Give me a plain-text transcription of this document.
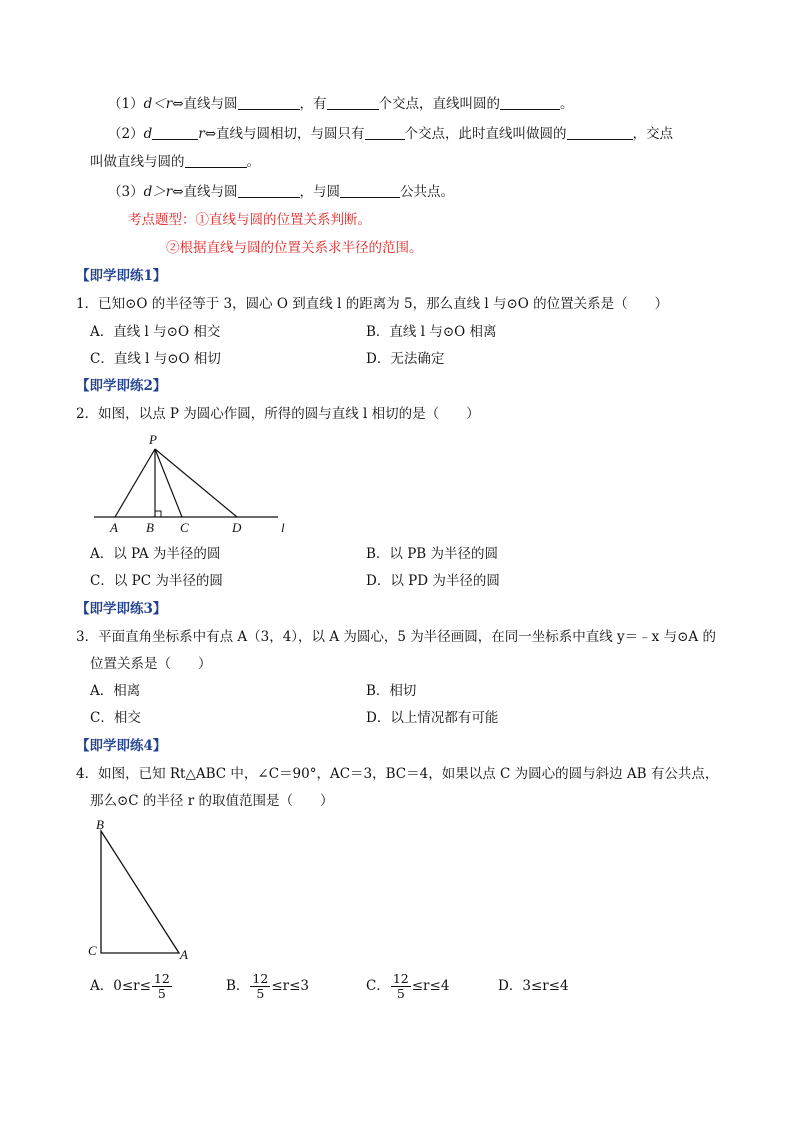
（1）d＜r⇔直线与圆	，有	个交点，直线叫圆的	。
（2）d	r⇔直线与圆相切，与圆只有	个交点，此时直线叫做圆的	，交点
叫做直线与圆的	。
（3）d＞r⇔直线与圆	，与圆	公共点。
考点题型：①直线与圆的位置关系判断。
②根据直线与圆的位置关系求半径的范围。
【即学即练1】
1．已知⊙O 的半径等于 3，圆心 O 到直线 l 的距离为 5，那么直线 l 与⊙O 的位置关系是（　　）
A．直线 l 与⊙O 相交	B．直线 l 与⊙O 相离
C．直线 l 与⊙O 相切	D．无法确定
【即学即练2】
2．如图，以点 P 为圆心作圆，所得的圆与直线 l 相切的是（　　）
P
A B C	D	l
A．以 PA 为半径的圆	B．以 PB 为半径的圆
C．以 PC 为半径的圆	D．以 PD 为半径的圆
【即学即练3】
3．平面直角坐标系中有点 A（3，4），以 A 为圆心，5 为半径画圆，在同一坐标系中直线 y＝﹣x 与⊙A 的
位置关系是（　　）
A．相离	B．相切
C．相交	D．以上情况都有可能
【即学即练4】
4．如图，已知 Rt△ABC 中，∠C＝90°，AC＝3，BC＝4，如果以点 C 为圆心的圆与斜边 AB 有公共点，
那么⊙C 的半径 r 的取值范围是（　　）
B
C	A
A．$0\le r\le \frac{12}{5}$	B． $\frac{12}{5} \le r\le 3$	C． $\frac{12}{5} \le r\le 4$	D．3≤r≤4
